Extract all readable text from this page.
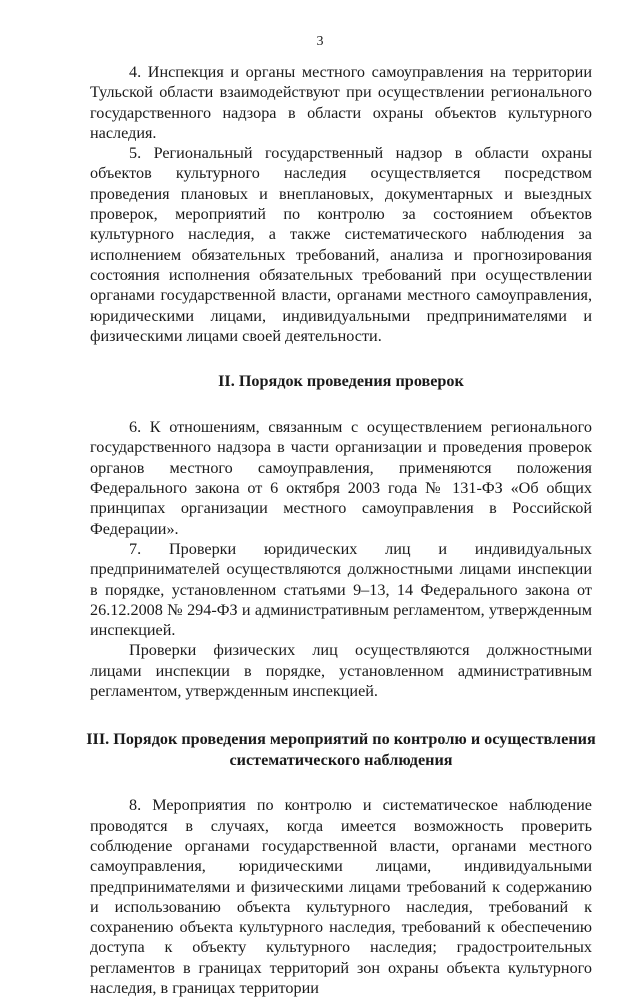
3

4. Инспекция и органы местного самоуправления на территории Тульской области взаимодействуют при осуществлении регионального государственного надзора в области охраны объектов культурного наследия.

5. Региональный государственный надзор в области охраны объектов культурного наследия осуществляется посредством проведения плановых и внеплановых, документарных и выездных проверок, мероприятий по контролю за состоянием объектов культурного наследия, а также систематического наблюдения за исполнением обязательных требований, анализа и прогнозирования состояния исполнения обязательных требований при осуществлении органами государственной власти, органами местного самоуправления, юридическими лицами, индивидуальными предпринимателями и физическими лицами своей деятельности.

II. Порядок проведения проверок

6. К отношениям, связанным с осуществлением регионального государственного надзора в части организации и проведения проверок органов местного самоуправления, применяются положения Федерального закона от 6 октября 2003 года № 131-ФЗ «Об общих принципах организации местного самоуправления в Российской Федерации».

7. Проверки юридических лиц и индивидуальных предпринимателей осуществляются должностными лицами инспекции в порядке, установленном статьями 9–13, 14 Федерального закона от 26.12.2008 № 294-ФЗ и административным регламентом, утвержденным инспекцией.

Проверки физических лиц осуществляются должностными лицами инспекции в порядке, установленном административным регламентом, утвержденным инспекцией.

III. Порядок проведения мероприятий по контролю и осуществления
систематического наблюдения

8. Мероприятия по контролю и систематическое наблюдение проводятся в случаях, когда имеется возможность проверить соблюдение органами государственной власти, органами местного самоуправления, юридическими лицами, индивидуальными предпринимателями и физическими лицами требований к содержанию и использованию объекта культурного наследия, требований к сохранению объекта культурного наследия, требований к обеспечению доступа к объекту культурного наследия; градостроительных регламентов в границах территорий зон охраны объекта культурного наследия, в границах территории
